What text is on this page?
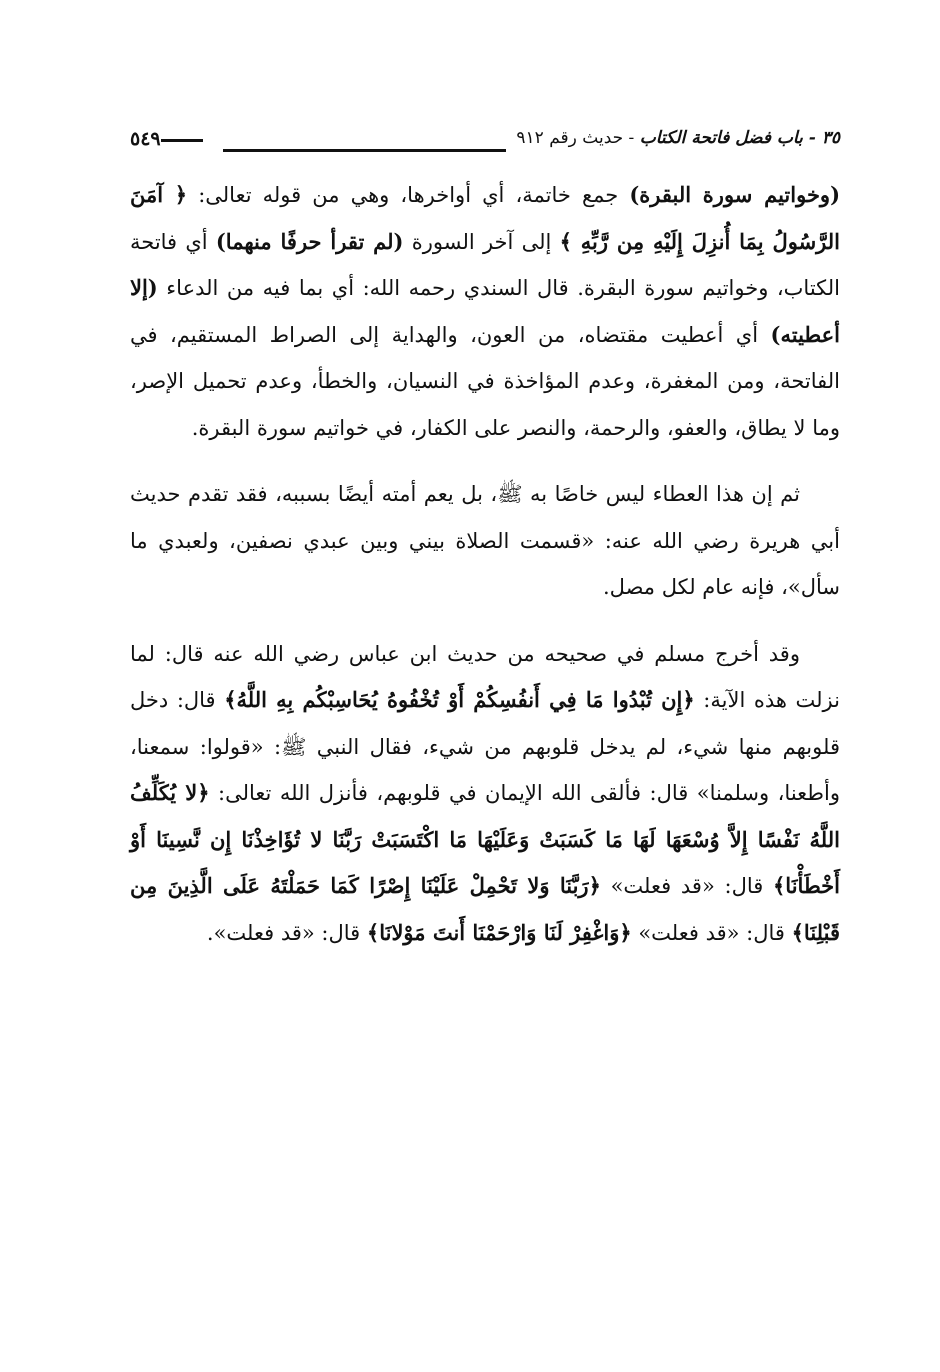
٣٥ - باب فضل فاتحة الكتاب - حديث رقم ٩١٢
٥٤٩

(وخواتيم سورة البقرة) جمع خاتمة، أي أواخرها، وهي من قوله تعالى: ﴿ آمَنَ الرَّسُولُ بِمَا أُنزِلَ إِلَيْهِ مِن رَّبِّهِ ﴾ إلى آخر السورة (لم تقرأ حرفًا منهما) أي فاتحة الكتاب، وخواتيم سورة البقرة. قال السندي رحمه الله: أي بما فيه من الدعاء (إلا أعطيته) أي أعطيت مقتضاه، من العون، والهداية إلى الصراط المستقيم، في الفاتحة، ومن المغفرة، وعدم المؤاخذة في النسيان، والخطأ، وعدم تحميل الإصر، وما لا يطاق، والعفو، والرحمة، والنصر على الكفار، في خواتيم سورة البقرة.

ثم إن هذا العطاء ليس خاصًا به ﷺ، بل يعم أمته أيضًا بسببه، فقد تقدم حديث أبي هريرة رضي الله عنه: «قسمت الصلاة بيني وبين عبدي نصفين، ولعبدي ما سأل»، فإنه عام لكل مصل.

وقد أخرج مسلم في صحيحه من حديث ابن عباس رضي الله عنه قال: لما نزلت هذه الآية: ﴿إِن تُبْدُوا مَا فِي أَنفُسِكُمْ أَوْ تُخْفُوهُ يُحَاسِبْكُم بِهِ اللَّهُ﴾ قال: دخل قلوبهم منها شيء، لم يدخل قلوبهم من شيء، فقال النبي ﷺ: «قولوا: سمعنا، وأطعنا، وسلمنا» قال: فألقى الله الإيمان في قلوبهم، فأنزل الله تعالى: ﴿لا يُكَلِّفُ اللَّهُ نَفْسًا إِلاَّ وُسْعَهَا لَهَا مَا كَسَبَتْ وَعَلَيْهَا مَا اكْتَسَبَتْ رَبَّنَا لا تُؤَاخِذْنَا إِن نَّسِينَا أَوْ أَخْطَأْنَا﴾ قال: «قد فعلت» ﴿رَبَّنَا وَلا تَحْمِلْ عَلَيْنَا إِصْرًا كَمَا حَمَلْتَهُ عَلَى الَّذِينَ مِن قَبْلِنَا﴾ قال: «قد فعلت» ﴿وَاغْفِرْ لَنَا وَارْحَمْنَا أَنتَ مَوْلانَا﴾ قال: «قد فعلت».
